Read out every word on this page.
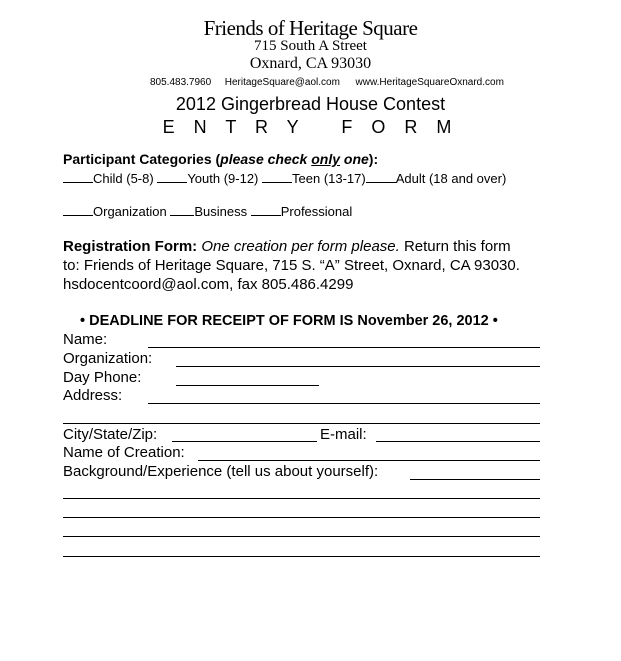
Friends of Heritage Square
715 South A Street
Oxnard, CA 93030
805.483.7960 HeritageSquare@aol.com www.HeritageSquareOxnard.com
2012 Gingerbread House Contest
E N T R Y   F O R M
Participant Categories (please check only one):
Child (5-8)	Youth (9-12)	Teen (13-17) Adult (18 and over)
Organization Business	Professional
Registration Form: One creation per form please. Return this form
to: Friends of Heritage Square, 715 S. “A” Street, Oxnard, CA 93030.
hsdocentcoord@aol.com, fax 805.486.4299
• DEADLINE FOR RECEIPT OF FORM IS November 26, 2012 •
Name:
Organization:
Day Phone:
Address:
City/State/Zip:	E-mail:
Name of Creation:
Background/Experience (tell us about yourself):
